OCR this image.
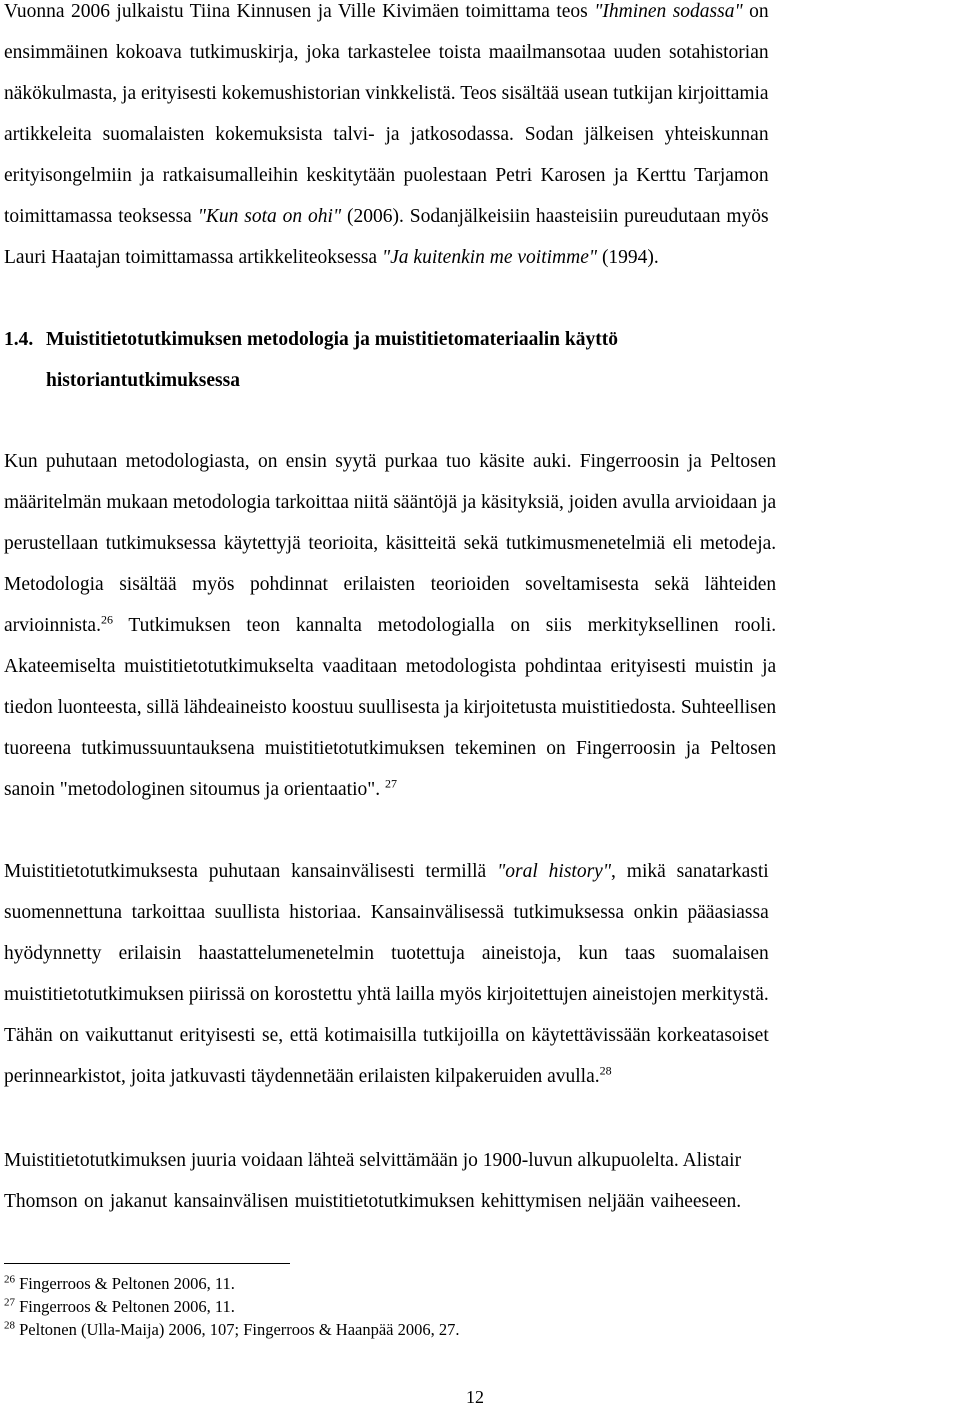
Vuonna 2006 julkaistu Tiina Kinnusen ja Ville Kivimäen toimittama teos "Ihminen sodassa" on
ensimmäinen kokoava tutkimuskirja, joka tarkastelee toista maailmansotaa uuden sotahistorian
näkökulmasta, ja erityisesti kokemushistorian vinkkelistä. Teos sisältää usean tutkijan kirjoittamia
artikkeleita suomalaisten kokemuksista talvi- ja jatkosodassa. Sodan jälkeisen yhteiskunnan
erityisongelmiin ja ratkaisumalleihin keskitytään puolestaan Petri Karosen ja Kerttu Tarjamon
toimittamassa teoksessa "Kun sota on ohi" (2006). Sodanjälkeisiin haasteisiin pureudutaan myös
Lauri Haatajan toimittamassa artikkeliteoksessa "Ja kuitenkin me voitimme" (1994).
1.4. Muistitietotutkimuksen metodologia ja muistitietomateriaalin käyttö
historiantutkimuksessa
Kun puhutaan metodologiasta, on ensin syytä purkaa tuo käsite auki. Fingerroosin ja Peltosen
määritelmän mukaan metodologia tarkoittaa niitä sääntöjä ja käsityksiä, joiden avulla arvioidaan ja
perustellaan tutkimuksessa käytettyjä teorioita, käsitteitä sekä tutkimusmenetelmiä eli metodeja.
Metodologia sisältää myös pohdinnat erilaisten teorioiden soveltamisesta sekä lähteiden
arvioinnista.$^{26}$ Tutkimuksen teon kannalta metodologialla on siis merkityksellinen rooli.
Akateemiselta muistitietotutkimukselta vaaditaan metodologista pohdintaa erityisesti muistin ja
tiedon luonteesta, sillä lähdeaineisto koostuu suullisesta ja kirjoitetusta muistitiedosta. Suhteellisen
tuoreena tutkimussuuntauksena muistitietotutkimuksen tekeminen on Fingerroosin ja Peltosen
sanoin "metodologinen sitoumus ja orientaatio". $^{27}$
Muistitietotutkimuksesta puhutaan kansainvälisesti termillä "oral history", mikä sanatarkasti
suomennettuna tarkoittaa suullista historiaa. Kansainvälisessä tutkimuksessa onkin pääasiassa
hyödynnetty erilaisin haastattelumenetelmin tuotettuja aineistoja, kun taas suomalaisen
muistitietotutkimuksen piirissä on korostettu yhtä lailla myös kirjoitettujen aineistojen merkitystä.
Tähän on vaikuttanut erityisesti se, että kotimaisilla tutkijoilla on käytettävissään korkeatasoiset
perinnearkistot, joita jatkuvasti täydennetään erilaisten kilpakeruiden avulla.$^{28}$
Muistitietotutkimuksen juuria voidaan lähteä selvittämään jo 1900-luvun alkupuolelta. Alistair
Thomson on jakanut kansainvälisen muistitietotutkimuksen kehittymisen neljään vaiheeseen.
$^{26}$ Fingerroos & Peltonen 2006, 11.
$^{27}$ Fingerroos & Peltonen 2006, 11.
$^{28}$ Peltonen (Ulla-Maija) 2006, 107; Fingerroos & Haanpää 2006, 27.
12
